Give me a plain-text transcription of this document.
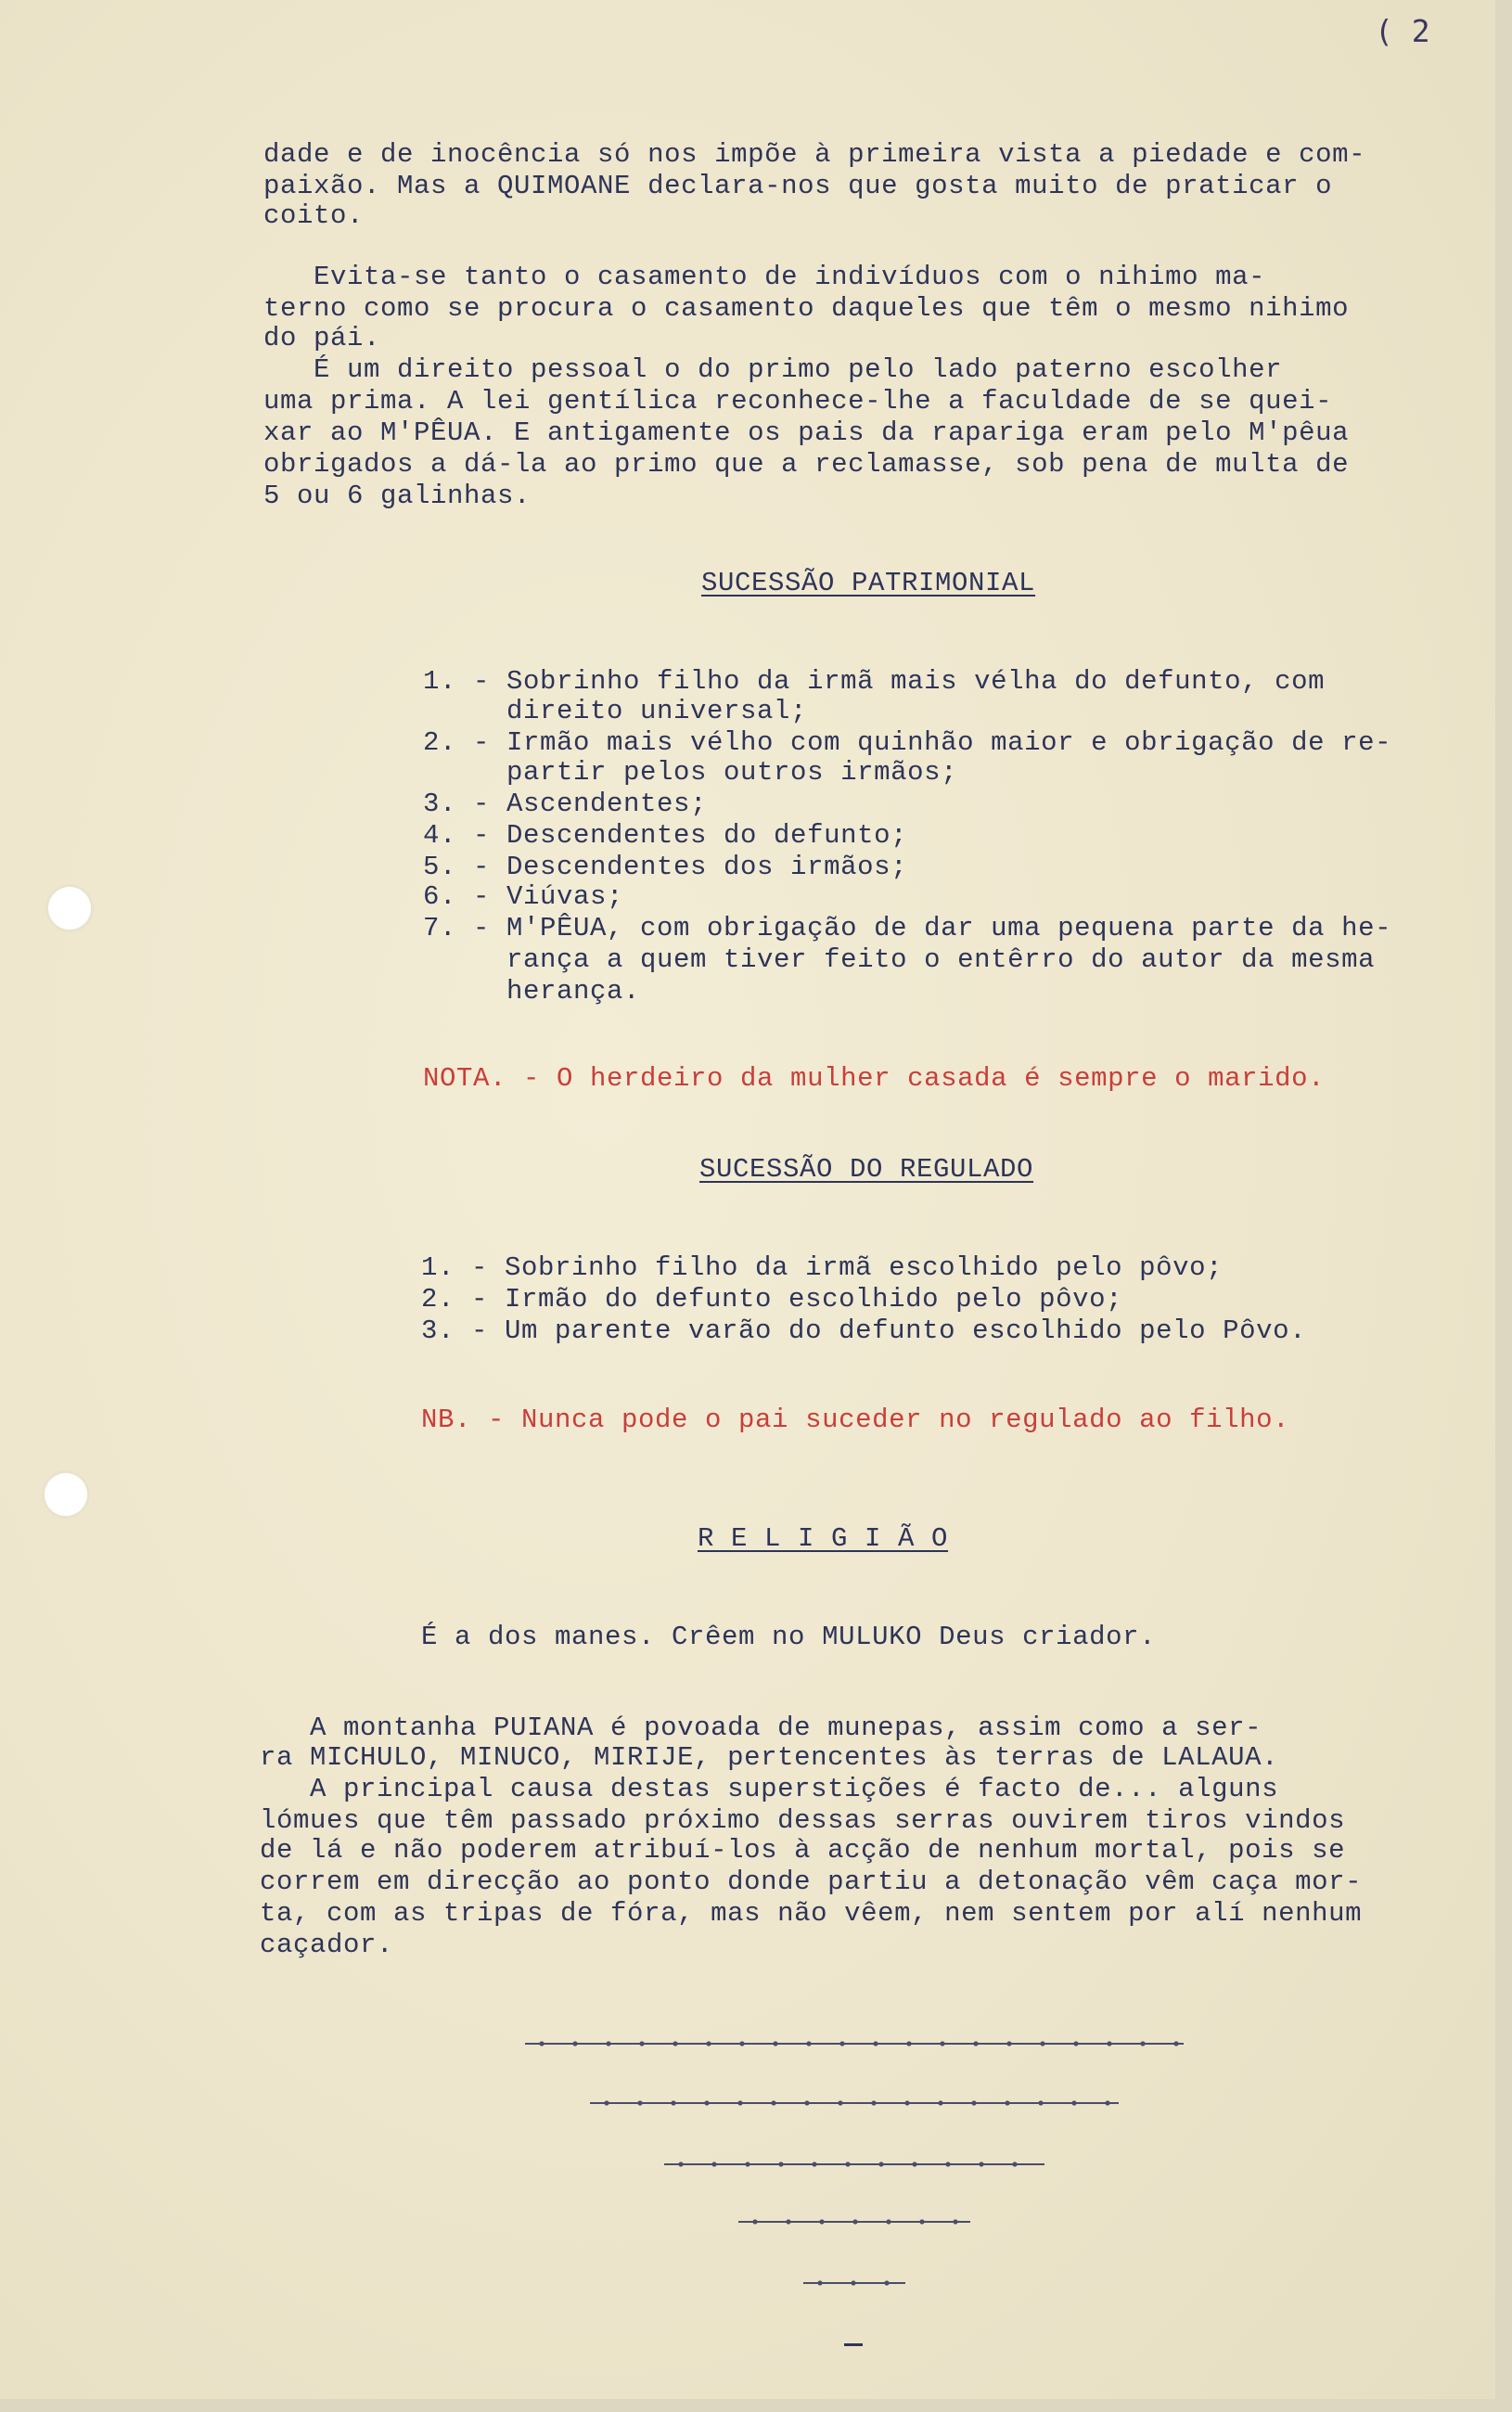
( 2
dade e de inocência só nos impõe à primeira vista a piedade e com-
paixão. Mas a QUIMOANE declara-nos que gosta muito de praticar o
coito.
Evita-se tanto o casamento de indivíduos com o nihimo ma-
terno como se procura o casamento daqueles que têm o mesmo nihimo
do pái.
É um direito pessoal o do primo pelo lado paterno escolher
uma prima. A lei gentílica reconhece-lhe a faculdade de se quei-
xar ao M'PÊUA. E antigamente os pais da rapariga eram pelo M'pêua
obrigados a dá-la ao primo que a reclamasse, sob pena de multa de
5 ou 6 galinhas.
SUCESSÃO PATRIMONIAL
1. - Sobrinho filho da irmã mais vélha do defunto, com
direito universal;
2. - Irmão mais vélho com quinhão maior e obrigação de re-
partir pelos outros irmãos;
3. - Ascendentes;
4. - Descendentes do defunto;
5. - Descendentes dos irmãos;
6. - Viúvas;
7. - M'PÊUA, com obrigação de dar uma pequena parte da he-
rança a quem tiver feito o entêrro do autor da mesma
herança.
NOTA. - O herdeiro da mulher casada é sempre o marido.
SUCESSÃO DO REGULADO
1. - Sobrinho filho da irmã escolhido pelo pôvo;
2. - Irmão do defunto escolhido pelo pôvo;
3. - Um parente varão do defunto escolhido pelo Pôvo.
NB. - Nunca pode o pai suceder no regulado ao filho.
R E L I G I Ã O
É a dos manes. Crêem no MULUKO Deus criador.
A montanha PUIANA é povoada de munepas, assim como a ser-
ra MICHULO, MINUCO, MIRIJE, pertencentes às terras de LALAUA.
A principal causa destas superstições é facto de... alguns
lómues que têm passado próximo dessas serras ouvirem tiros vindos
de lá e não poderem atribuí-los à acção de nenhum mortal, pois se
correm em direcção ao ponto donde partiu a detonação vêm caça mor-
ta, com as tripas de fóra, mas não vêem, nem sentem por alí nenhum
caçador.
